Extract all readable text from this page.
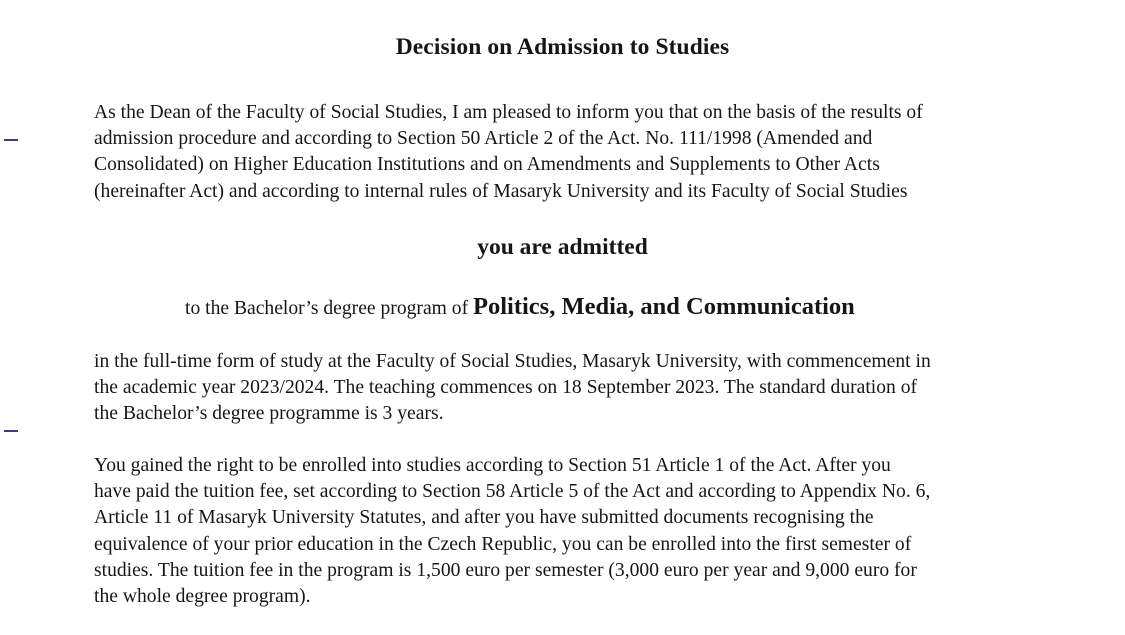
Decision on Admission to Studies

As the Dean of the Faculty of Social Studies, I am pleased to inform you that on the basis of the results of
admission procedure and according to Section 50 Article 2 of the Act. No. 111/1998 (Amended and
Consolidated) on Higher Education Institutions and on Amendments and Supplements to Other Acts
(hereinafter Act) and according to internal rules of Masaryk University and its Faculty of Social Studies

you are admitted

to the Bachelor’s degree program of Politics, Media, and Communication

in the full-time form of study at the Faculty of Social Studies, Masaryk University, with commencement in
the academic year 2023/2024. The teaching commences on 18 September 2023. The standard duration of
the Bachelor’s degree programme is 3 years.

You gained the right to be enrolled into studies according to Section 51 Article 1 of the Act. After you
have paid the tuition fee, set according to Section 58 Article 5 of the Act and according to Appendix No. 6,
Article 11 of Masaryk University Statutes, and after you have submitted documents recognising the
equivalence of your prior education in the Czech Republic, you can be enrolled into the first semester of
studies. The tuition fee in the program is 1,500 euro per semester (3,000 euro per year and 9,000 euro for
the whole degree program).
